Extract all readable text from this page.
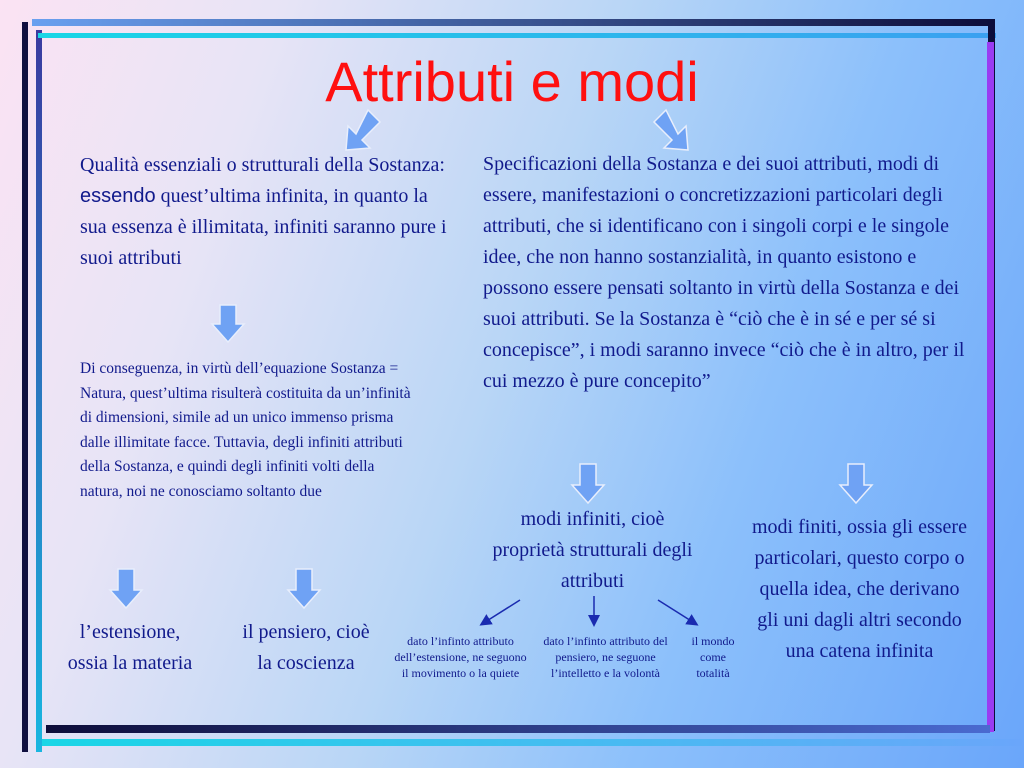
Attributi e modi
Qualità essenziali o strutturali della Sostanza: essendo quest’ultima infinita, in quanto la sua essenza è illimitata, infiniti saranno pure i suoi attributi
Di conseguenza, in virtù dell’equazione Sostanza = Natura, quest’ultima risulterà costituita da un’infinità di dimensioni, simile ad un unico immenso prisma dalle illimitate facce. Tuttavia, degli infiniti attributi della Sostanza, e quindi degli infiniti volti della natura, noi ne conosciamo soltanto due
l’estensione, ossia la materia
il pensiero, cioè la coscienza
Specificazioni della Sostanza e dei suoi attributi, modi di essere, manifestazioni o concretizzazioni particolari degli attributi, che si identificano con i singoli corpi e le singole idee, che non hanno sostanzialità, in quanto esistono e possono essere pensati soltanto in virtù della Sostanza e dei suoi attributi. Se la Sostanza è “ciò che è in sé e per sé si concepisce”, i modi saranno invece “ciò che è in altro, per il cui mezzo è pure concepito”
modi infiniti, cioè proprietà strutturali degli attributi
modi finiti, ossia gli essere particolari, questo corpo o quella idea, che derivano gli uni dagli altri secondo una catena infinita
dato l’infinto attributo dell’estensione, ne seguono il movimento o la quiete
dato l’infinto attributo del pensiero, ne seguone l’intelletto e la volontà
il mondo come totalità
